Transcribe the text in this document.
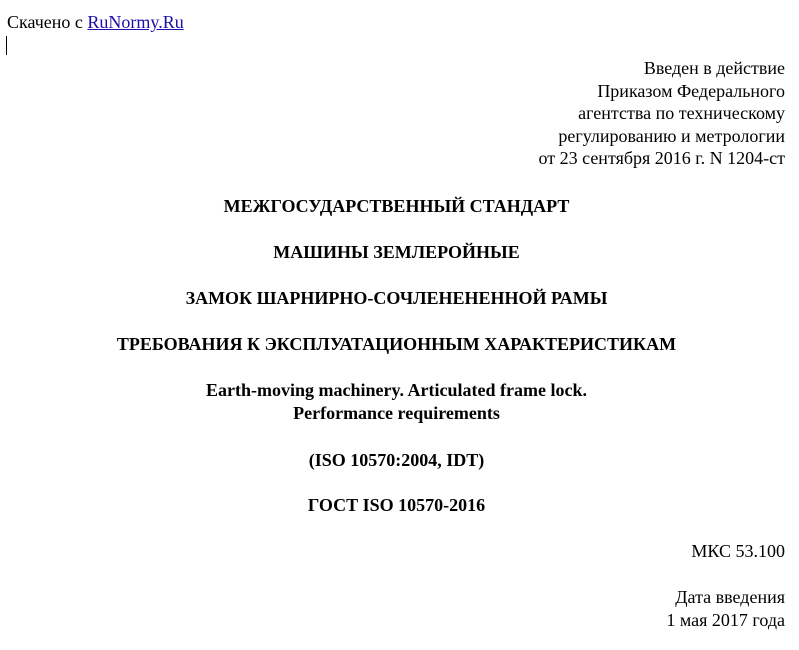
Скачено с RuNormy.Ru
Введен в действие
Приказом Федерального
агентства по техническому
регулированию и метрологии
от 23 сентября 2016 г. N 1204-ст
МЕЖГОСУДАРСТВЕННЫЙ СТАНДАРТ
МАШИНЫ ЗЕМЛЕРОЙНЫЕ
ЗАМОК ШАРНИРНО-СОЧЛЕНЕНЕННОЙ РАМЫ
ТРЕБОВАНИЯ К ЭКСПЛУАТАЦИОННЫМ ХАРАКТЕРИСТИКАМ
Earth-moving machinery. Articulated frame lock.
Performance requirements
(ISO 10570:2004, IDT)
ГОСТ ISO 10570-2016
МКС 53.100
Дата введения
1 мая 2017 года
